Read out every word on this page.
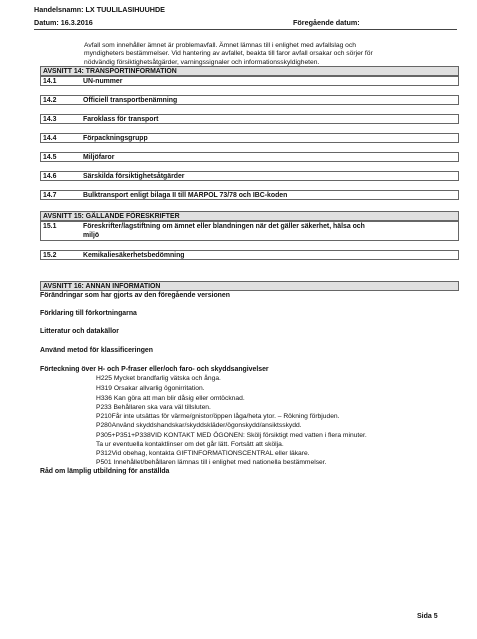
Handelsnamn: LX TUULILASIHUUHDE
Datum: 16.3.2016	Föregående datum:
Avfall som innehåller ämnet är problemavfall. Ämnet lämnas till i enlighet med avfallslag och
myndigheters bestämmelser. Vid hantering av avfallet, beakta till faror avfall orsakar och sörjer för
nödvändig försiktighetsåtgärder, varningssignaler och informationsskyldigheten.
AVSNITT 14: TRANSPORTINFORMATION
14.1	UN-nummer
14.2	Officiell transportbenämning
14.3	Faroklass för transport
14.4	Förpackningsgrupp
14.5	Miljöfaror
14.6	Särskilda försiktighetsåtgärder
14.7	Bulktransport enligt bilaga II till MARPOL 73/78 och IBC-koden
AVSNITT 15: GÄLLANDE FÖRESKRIFTER
15.1	Föreskrifter/lagstiftning om ämnet eller blandningen när det gäller säkerhet, hälsa och
miljö
15.2	Kemikaliesäkerhetsbedömning
AVSNITT 16: ANNAN INFORMATION
Förändringar som har gjorts av den föregående versionen
Förklaring till förkortningarna
Litteratur och datakällor
Använd metod för klassificeringen
Förteckning över H- och P-fraser eller/och faro- och skyddsangivelser
H225 Mycket brandfarlig vätska och ånga.
H319 Orsakar allvarlig ögonirritation.
H336 Kan göra att man blir dåsig eller omtöcknad.
P233 Behållaren ska vara väl tillsluten.
P210Får inte utsättas för värme/gnistor/öppen låga/heta ytor. – Rökning förbjuden.
P280Använd skyddshandskar/skyddskläder/ögonskydd/ansiktsskydd.
P305+P351+P338VID KONTAKT MED ÖGONEN: Skölj försiktigt med vatten i flera minuter.
Ta ur eventuella kontaktlinser om det går lätt. Fortsätt att skölja.
P312Vid obehag, kontakta GIFTINFORMATIONSCENTRAL eller läkare.
P501 Innehållet/behållaren lämnas till i enlighet med nationella bestämmelser.
Råd om lämplig utbildning för anställda
Sida 5
